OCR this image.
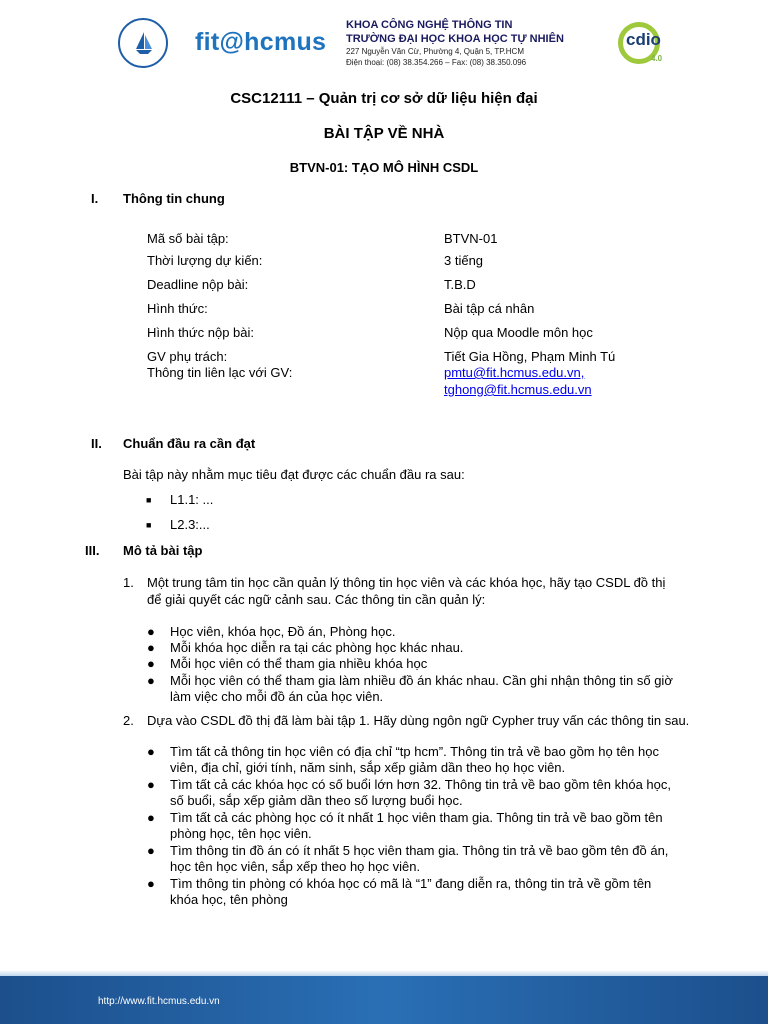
fit@hcmus
KHOA CÔNG NGHỆ THÔNG TIN
TRƯỜNG ĐẠI HỌC KHOA HỌC TỰ NHIÊN
227 Nguyễn Văn Cừ, Phường 4, Quận 5, TP.HCM
Điện thoại: (08) 38.354.266 – Fax: (08) 38.350.096
cdio
4.0
CSC12111 – Quản trị cơ sở dữ liệu hiện đại
BÀI TẬP VỀ NHÀ
BTVN-01: TẠO MÔ HÌNH CSDL
I. Thông tin chung
Mã số bài tập:	BTVN-01
Thời lượng dự kiến:	3 tiếng
Deadline nộp bài:	T.B.D
Hình thức:	Bài tập cá nhân
Hình thức nộp bài:	Nộp qua Moodle môn học
GV phụ trách:	Tiết Gia Hồng, Phạm Minh Tú
Thông tin liên lạc với GV:	pmtu@fit.hcmus.edu.vn,
tghong@fit.hcmus.edu.vn
II. Chuẩn đầu ra cần đạt
Bài tập này nhằm mục tiêu đạt được các chuẩn đầu ra sau:
■ L1.1: ...
■ L2.3:...
III. Mô tả bài tập
1. Một trung tâm tin học cần quản lý thông tin học viên và các khóa học, hãy tạo CSDL đồ thị
để giải quyết các ngữ cảnh sau. Các thông tin cần quản lý:
● Học viên, khóa học, Đồ án, Phòng học.
● Mỗi khóa học diễn ra tại các phòng học khác nhau.
● Mỗi học viên có thể tham gia nhiều khóa học
● Mỗi học viên có thể tham gia làm nhiều đồ án khác nhau. Cần ghi nhận thông tin số giờ
làm việc cho mỗi đồ án của học viên.
2. Dựa vào CSDL đồ thị đã làm bài tập 1. Hãy dùng ngôn ngữ Cypher truy vấn các thông tin sau.
● Tìm tất cả thông tin học viên có địa chỉ “tp hcm”. Thông tin trả về bao gồm họ tên học
viên, địa chỉ, giới tính, năm sinh, sắp xếp giảm dần theo họ học viên.
● Tìm tất cả các khóa học có số buổi lớn hơn 32. Thông tin trả về bao gồm tên khóa học,
số buổi, sắp xếp giảm dần theo số lượng buổi học.
● Tìm tất cả các phòng học có ít nhất 1 học viên tham gia. Thông tin trả về bao gồm tên
phòng học, tên học viên.
● Tìm thông tin đồ án có ít nhất 5 học viên tham gia. Thông tin trả về bao gồm tên đồ án,
học tên học viên, sắp xếp theo họ học viên.
● Tìm thông tin phòng có khóa học có mã là “1” đang diễn ra, thông tin trả về gồm tên
khóa học, tên phòng
http://www.fit.hcmus.edu.vn
